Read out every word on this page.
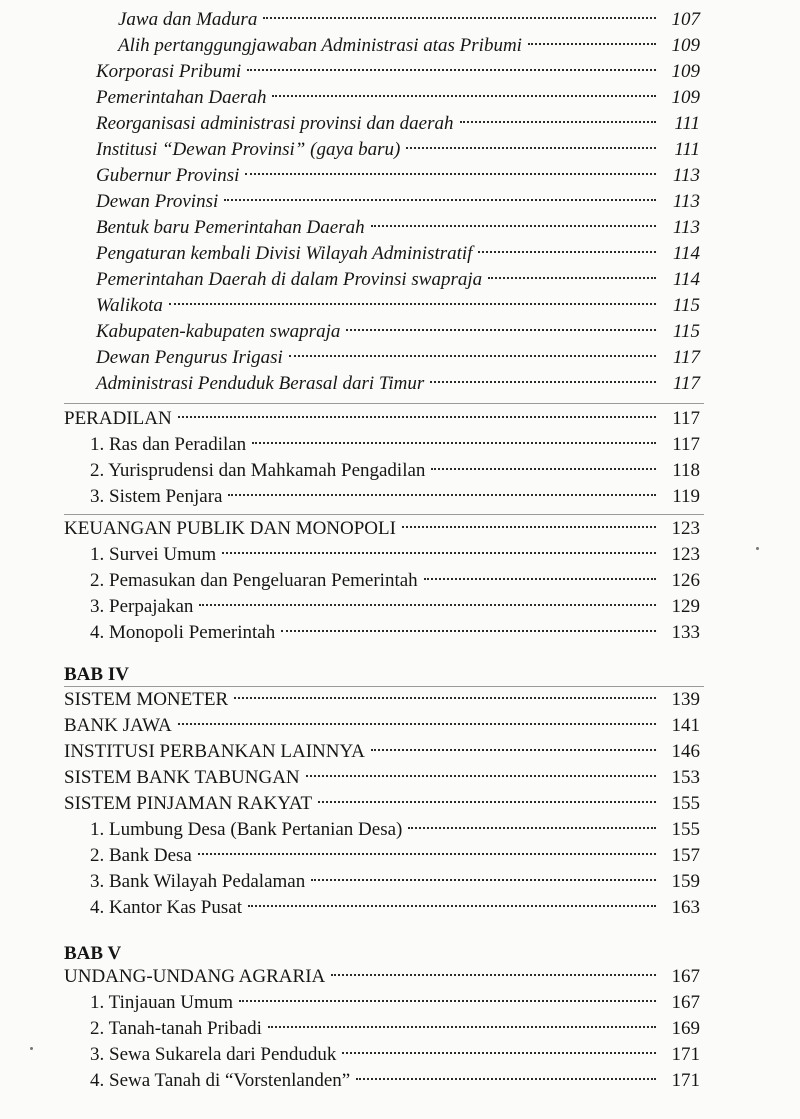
Jawa dan Madura	107
Alih pertanggungjawaban Administrasi atas Pribumi	109
Korporasi Pribumi	109
Pemerintahan Daerah	109
Reorganisasi administrasi provinsi dan daerah	111
Institusi “Dewan Provinsi” (gaya baru)	111
Gubernur Provinsi	113
Dewan Provinsi	113
Bentuk baru Pemerintahan Daerah	113
Pengaturan kembali Divisi Wilayah Administratif	114
Pemerintahan Daerah di dalam Provinsi swapraja	114
Walikota	115
Kabupaten-kabupaten swapraja	115
Dewan Pengurus Irigasi	117
Administrasi Penduduk Berasal dari Timur	117
PERADILAN	117
1. Ras dan Peradilan	117
2. Yurisprudensi dan Mahkamah Pengadilan	118
3. Sistem Penjara	119
KEUANGAN PUBLIK DAN MONOPOLI	123
1. Survei Umum	123
2. Pemasukan dan Pengeluaran Pemerintah	126
3. Perpajakan	129
4. Monopoli Pemerintah	133
BAB IV
SISTEM MONETER	139
BANK JAWA	141
INSTITUSI PERBANKAN LAINNYA	146
SISTEM BANK TABUNGAN	153
SISTEM PINJAMAN RAKYAT	155
1. Lumbung Desa (Bank Pertanian Desa)	155
2. Bank Desa	157
3. Bank Wilayah Pedalaman	159
4. Kantor Kas Pusat	163
BAB V
UNDANG-UNDANG AGRARIA	167
1. Tinjauan Umum	167
2. Tanah-tanah Pribadi	169
3. Sewa Sukarela dari Penduduk	171
4. Sewa Tanah di “Vorstenlanden”	171
